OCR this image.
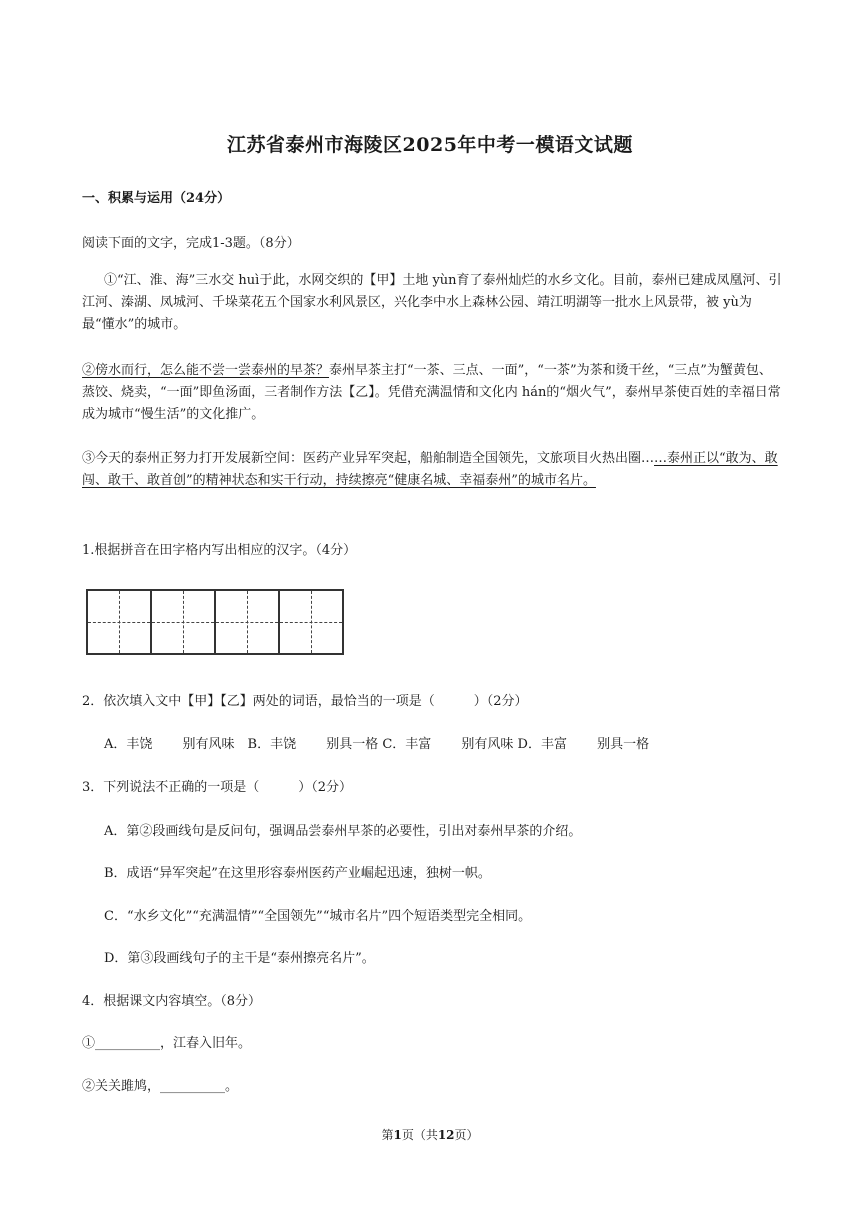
江苏省泰州市海陵区2025年中考一模语文试题
一、积累与运用（24分）
阅读下面的文字，完成1-3题。（8分）
①“江、淮、海”三水交 huì于此，水网交织的【甲】土地 yùn育了泰州灿烂的水乡文化。目前，泰州已建成凤凰河、引江河、溱湖、凤城河、千垛菜花五个国家水利风景区，兴化李中水上森林公园、靖江明湖等一批水上风景带，被 yù为最“懂水”的城市。
②傍水而行，怎么能不尝一尝泰州的早茶？泰州早茶主打“一茶、三点、一面”，“一茶”为茶和烫干丝，“三点”为蟹黄包、蒸饺、烧卖，“一面”即鱼汤面，三者制作方法【乙】。凭借充满温情和文化内 hán的“烟火气”，泰州早茶使百姓的幸福日常成为城市“慢生活”的文化推广。
③今天的泰州正努力打开发展新空间：医药产业异军突起，船舶制造全国领先，文旅项目火热出圈……泰州正以“敢为、敢闯、敢干、敢首创”的精神状态和实干行动，持续擦亮“健康名城、幸福泰州”的城市名片。
1.根据拼音在田字格内写出相应的汉字。（4分）
2．依次填入文中【甲】【乙】两处的词语，最恰当的一项是（　　　）（2分）
A．丰饶　　 别有风味　B．丰饶　　 别具一格 C．丰富　　 别有风味 D．丰富　　 别具一格
3．下列说法不正确的一项是（　　　）（2分）
A．第②段画线句是反问句，强调品尝泰州早茶的必要性，引出对泰州早茶的介绍。
B．成语“异军突起”在这里形容泰州医药产业崛起迅速，独树一帜。
C．“水乡文化”“充满温情”“全国领先”“城市名片”四个短语类型完全相同。
D．第③段画线句子的主干是“泰州擦亮名片”。
4．根据课文内容填空。（8分）
①__________，江春入旧年。
②关关雎鸠，__________。
第1页（共12页）
